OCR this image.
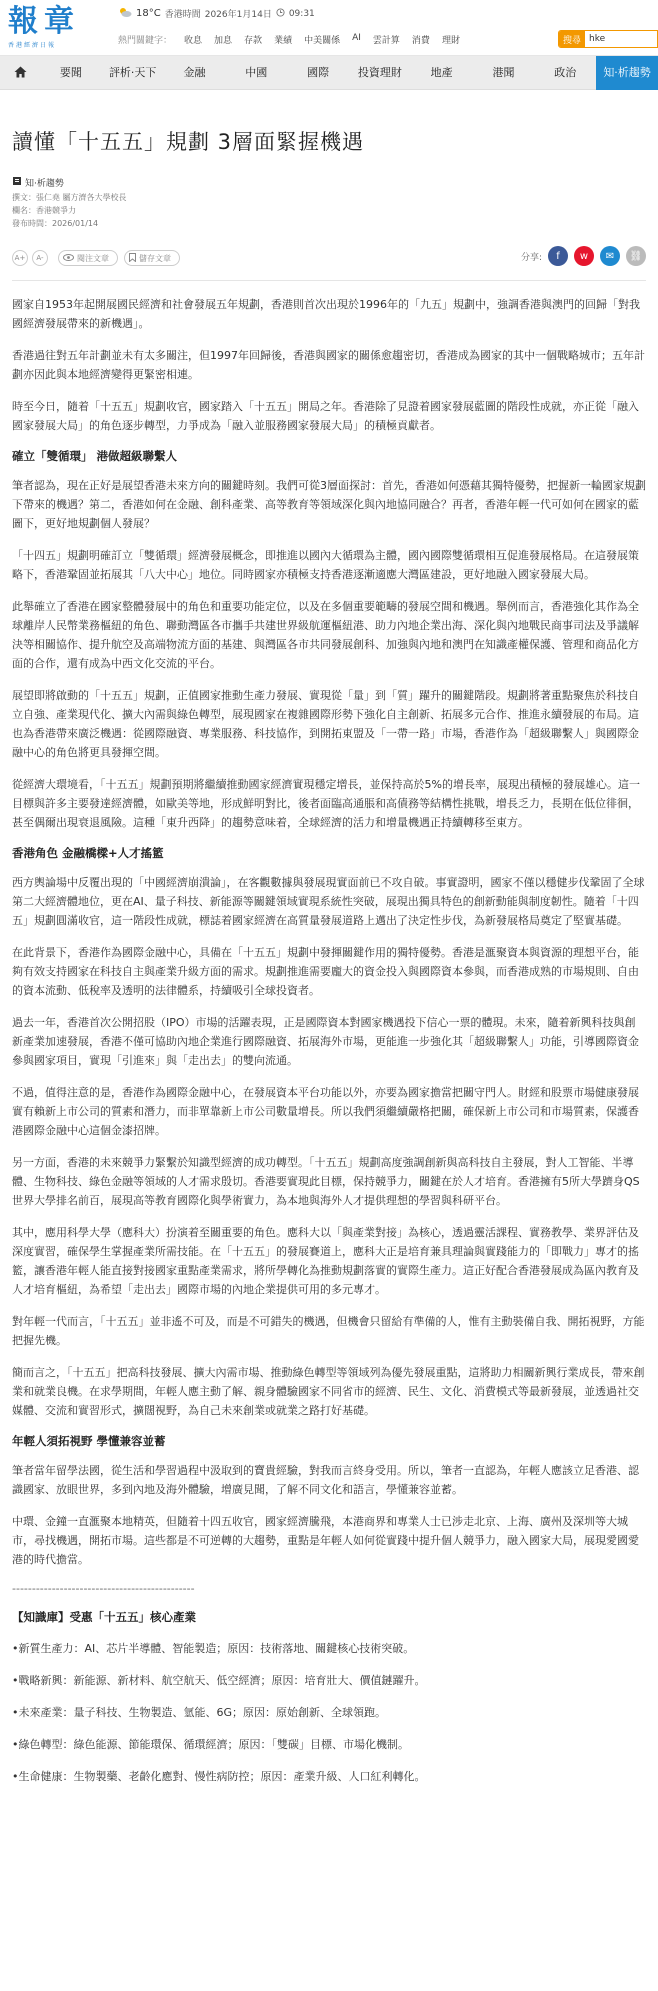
報章
香港經濟日報
18°C 香港時間 2026年1月14日 09:31
熱門關鍵字： 收息 加息 存款 業績 中美關係 AI 雲計算 消費 理財	搜尋 hke
要聞	評析·天下	金融	中國	國際	投資理財	地產	港聞	政治	知·析趨勢
讀懂「十五五」規劃 3層面緊握機遇
知·析趨勢
撰文：張仁堯 屬方濟各大學校長
欄名：香港競爭力
發布時間：2026/01/14
A+	A-	閱注文章	儲存文章	分享:	f	w	✉	⛓

國家自1953年起開展國民經濟和社會發展五年規劃，香港則首次出現於1996年的「九五」規劃中，強調香港與澳門的回歸「對我國經濟發展帶來的新機遇」。

香港過往對五年計劃並未有太多關注，但1997年回歸後，香港與國家的關係愈趨密切，香港成為國家的其中一個戰略城市；五年計劃亦因此與本地經濟變得更緊密相連。

時至今日，隨着「十五五」規劃收官，國家踏入「十五五」開局之年。香港除了見證着國家發展藍圖的階段性成就，亦正從「融入國家發展大局」的角色逐步轉型，力爭成為「融入並服務國家發展大局」的積極貢獻者。

確立「雙循環」 港做超級聯繫人

筆者認為，現在正好是展望香港未來方向的關鍵時刻。我們可從3層面探討：首先，香港如何憑藉其獨特優勢，把握新一輪國家規劃下帶來的機遇？第二，香港如何在金融、創科產業、高等教育等領域深化與內地協同融合？再者，香港年輕一代可如何在國家的藍圖下，更好地規劃個人發展？

「十四五」規劃明確訂立「雙循環」經濟發展概念，即推進以國內大循環為主體，國內國際雙循環相互促進發展格局。在這發展策略下，香港鞏固並拓展其「八大中心」地位。同時國家亦積極支持香港逐漸適應大灣區建設，更好地融入國家發展大局。

此舉確立了香港在國家整體發展中的角色和重要功能定位，以及在多個重要範疇的發展空間和機遇。舉例而言，香港強化其作為全球離岸人民幣業務樞紐的角色、聯動灣區各市攜手共建世界級航運樞紐港、助力內地企業出海、深化與內地戰民商事司法及爭議解決等相關協作、提升航空及高端物流方面的基建、與灣區各市共同發展創科、加強與內地和澳門在知識產權保護、管理和商品化方面的合作，還有成為中西文化交流的平台。

展望即將啟動的「十五五」規劃，正值國家推動生產力發展、實現從「量」到「質」躍升的關鍵階段。規劃將著重點聚焦於科技自立自強、產業現代化、擴大內需與綠色轉型，展現國家在複雜國際形勢下強化自主創新、拓展多元合作、推進永續發展的布局。這也為香港帶來廣泛機遇：從國際融資、專業服務、科技協作，到開拓東盟及「一帶一路」市場，香港作為「超級聯繫人」與國際金融中心的角色將更具發揮空間。

從經濟大環境看，「十五五」規劃預期將繼續推動國家經濟實現穩定增長，並保持高於5%的增長率，展現出積極的發展雄心。這一目標與許多主要發達經濟體，如歐美等地，形成鮮明對比，後者面臨高通脹和高債務等結構性挑戰，增長乏力，長期在低位徘徊，甚至偶爾出現衰退風險。這種「東升西降」的趨勢意味着，全球經濟的活力和增量機遇正持續轉移至東方。

香港角色 金融橋樑+人才搖籃

西方輿論場中反覆出現的「中國經濟崩潰論」，在客觀數據與發展現實面前已不攻自破。事實證明，國家不僅以穩健步伐鞏固了全球第二大經濟體地位，更在AI、量子科技、新能源等關鍵領域實現系統性突破，展現出獨具特色的創新動能與制度韌性。隨着「十四五」規劃圓滿收官，這一階段性成就，標誌着國家經濟在高質量發展道路上邁出了決定性步伐，為新發展格局奠定了堅實基礎。

在此背景下，香港作為國際金融中心，具備在「十五五」規劃中發揮關鍵作用的獨特優勢。香港是滙聚資本與資源的理想平台，能夠有效支持國家在科技自主與產業升級方面的需求。規劃推進需要龐大的資金投入與國際資本參與，而香港成熟的市場規則、自由的資本流動、低稅率及透明的法律體系，持續吸引全球投資者。

過去一年，香港首次公開招股（IPO）市場的活躍表現，正是國際資本對國家機遇投下信心一票的體現。未來，隨着新興科技與創新產業加速發展，香港不僅可協助內地企業進行國際融資、拓展海外市場，更能進一步強化其「超級聯繫人」功能，引導國際資金參與國家項目，實現「引進來」與「走出去」的雙向流通。

不過，值得注意的是，香港作為國際金融中心，在發展資本平台功能以外，亦要為國家擔當把關守門人。財經和股票市場健康發展實有賴新上市公司的質素和潛力，而非單靠新上市公司數量增長。所以我們須繼續嚴格把關，確保新上市公司和市場質素，保護香港國際金融中心這個金漆招牌。

另一方面，香港的未來競爭力緊繫於知識型經濟的成功轉型。「十五五」規劃高度強調創新與高科技自主發展，對人工智能、半導體、生物科技、綠色金融等領域的人才需求殷切。香港要實現此目標，保持競爭力，關鍵在於人才培育。香港擁有5所大學躋身QS世界大學排名前百，展現高等教育國際化與學術實力，為本地與海外人才提供理想的學習與科研平台。

其中，應用科學大學（應科大）扮演着至關重要的角色。應科大以「與產業對接」為核心，透過靈活課程、實務教學、業界評估及深度實習，確保學生掌握產業所需技能。在「十五五」的發展賽道上，應科大正是培育兼具理論與實踐能力的「即戰力」專才的搖籃，讓香港年輕人能直接對接國家重點產業需求，將所學轉化為推動規劃落實的實際生產力。這正好配合香港發展成為區內教育及人才培育樞紐，為希望「走出去」國際市場的內地企業提供可用的多元專才。

對年輕一代而言，「十五五」並非遙不可及，而是不可錯失的機遇，但機會只留給有準備的人，惟有主動裝備自我、開拓視野，方能把握先機。

簡而言之，「十五五」把高科技發展、擴大內需市場、推動綠色轉型等領域列為優先發展重點，這將助力相關新興行業成長，帶來創業和就業良機。在求學期間，年輕人應主動了解、親身體驗國家不同省市的經濟、民生、文化、消費模式等最新發展，並透過社交媒體、交流和實習形式，擴闊視野，為自己未來創業或就業之路打好基礎。

年輕人須拓視野 學懂兼容並蓄

筆者當年留學法國，從生活和學習過程中汲取到的寶貴經驗，對我而言終身受用。所以，筆者一直認為，年輕人應該立足香港、認識國家、放眼世界，多到內地及海外體驗，增廣見聞，了解不同文化和語言，學懂兼容並蓄。

中環、金鐘一直滙聚本地精英，但隨着十四五收官，國家經濟騰飛，本港商界和專業人士已涉走北京、上海、廣州及深圳等大城市，尋找機遇，開拓市場。這些都是不可逆轉的大趨勢，重點是年輕人如何從實踐中提升個人競爭力，融入國家大局，展現愛國愛港的時代擔當。

----------------------------------------------
【知識庫】受惠「十五五」核心產業

•新質生產力：AI、芯片半導體、智能製造；原因：技術落地、關鍵核心技術突破。

•戰略新興：新能源、新材料、航空航天、低空經濟；原因：培育壯大、價值鏈躍升。

•未來產業：量子科技、生物製造、氫能、6G；原因：原始創新、全球領跑。

•綠色轉型：綠色能源、節能環保、循環經濟；原因：「雙碳」目標、市場化機制。

•生命健康：生物製藥、老齡化應對、慢性病防控；原因：產業升級、人口紅利轉化。
